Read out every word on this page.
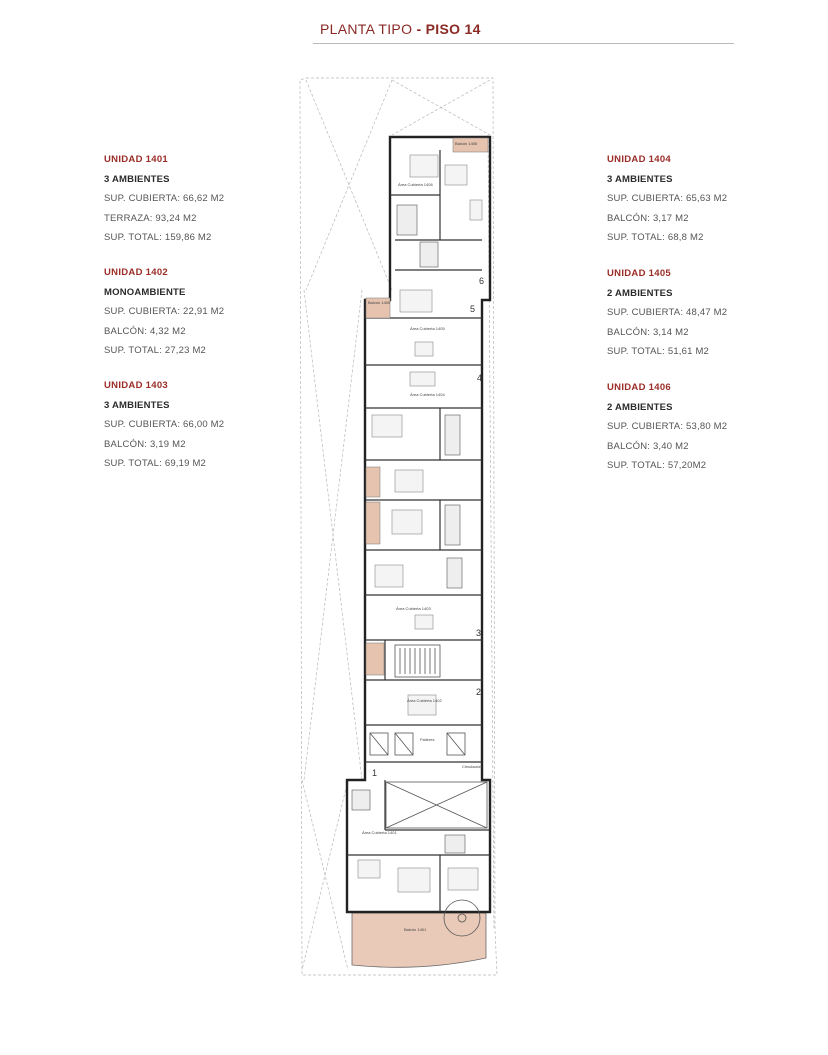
PLANTA TIPO - PISO 14
UNIDAD 1401
3 AMBIENTES
SUP. CUBIERTA: 66,62 M2
TERRAZA: 93,24 M2
SUP. TOTAL: 159,86 M2
UNIDAD 1402
MONOAMBIENTE
SUP. CUBIERTA: 22,91 M2
BALCÓN: 4,32 M2
SUP. TOTAL: 27,23 M2
UNIDAD 1403
3 AMBIENTES
SUP. CUBIERTA: 66,00 M2
BALCÓN: 3,19 M2
SUP. TOTAL: 69,19 M2
UNIDAD 1404
3 AMBIENTES
SUP. CUBIERTA: 65,63 M2
BALCÓN: 3,17 M2
SUP. TOTAL: 68,8 M2
UNIDAD 1405
2 AMBIENTES
SUP. CUBIERTA: 48,47 M2
BALCÓN: 3,14 M2
SUP. TOTAL: 51,61 M2
UNIDAD 1406
2 AMBIENTES
SUP. CUBIERTA: 53,80 M2
BALCÓN: 3,40 M2
SUP. TOTAL: 57,20M2
1
2
3
4
5
6
Área Cubierta 1406
Balcón 1406
Balcón 1405
Área Cubierta 1405
Área Cubierta 1404
Área Cubierta 1403
Área Cubierta 1402
Palieres
Circulación
Área Cubierta 1401
Balcón 1401
